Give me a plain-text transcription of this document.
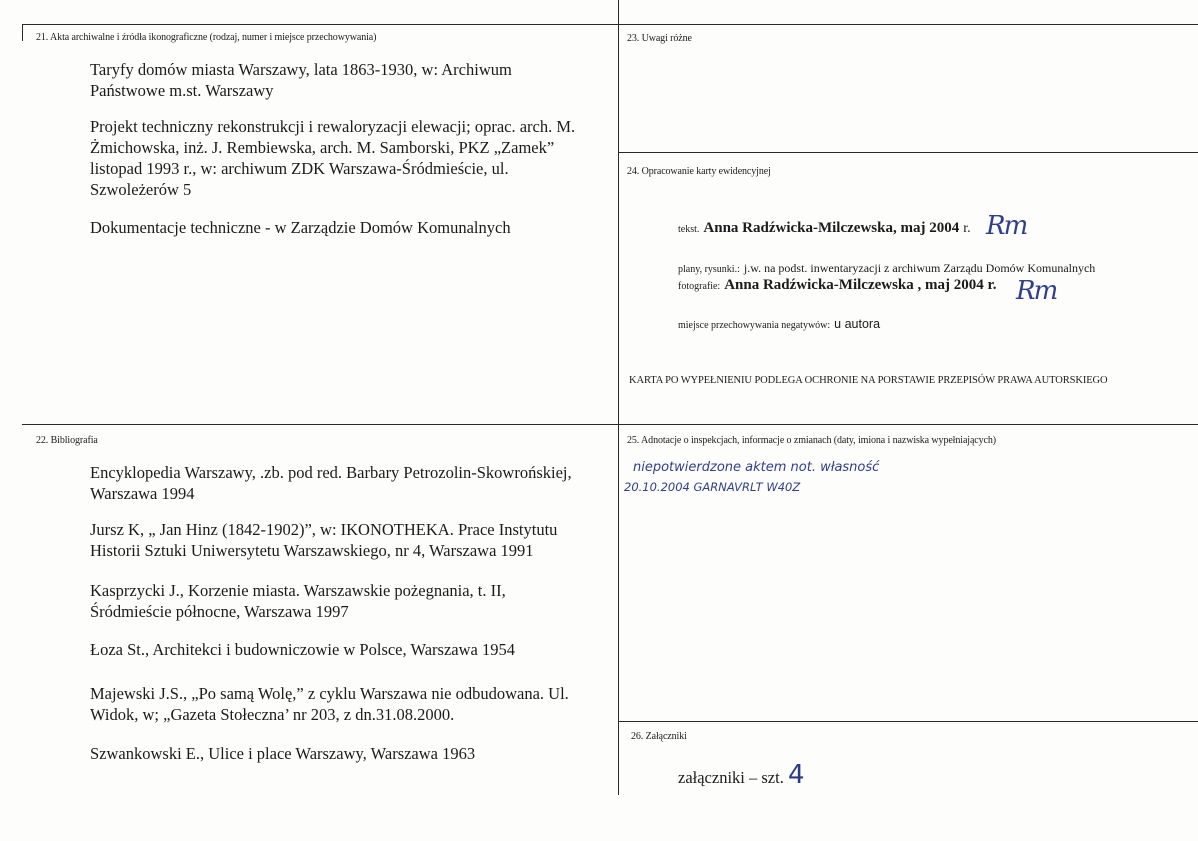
21. Akta archiwalne i źródła ikonograficzne (rodzaj, numer i miejsce przechowywania)
Taryfy domów miasta Warszawy, lata 1863-1930, w: Archiwum
Państwowe m.st. Warszawy
Projekt techniczny rekonstrukcji i rewaloryzacji elewacji; oprac. arch. M.
Żmichowska, inż. J. Rembiewska, arch. M. Samborski, PKZ „Zamek”
listopad 1993 r., w: archiwum ZDK Warszawa-Śródmieście, ul.
Szwoleżerów 5
Dokumentacje techniczne - w Zarządzie Domów Komunalnych
22. Bibliografia
Encyklopedia Warszawy, .zb. pod red. Barbary Petrozolin-Skowrońskiej,
Warszawa 1994
Jursz K, „ Jan Hinz (1842-1902)”, w: IKONOTHEKA. Prace Instytutu
Historii Sztuki Uniwersytetu Warszawskiego, nr 4, Warszawa 1991
Kasprzycki J., Korzenie miasta. Warszawskie pożegnania, t. II,
Śródmieście północne, Warszawa 1997
Łoza St., Architekci i budowniczowie w Polsce, Warszawa 1954
Majewski J.S., „Po samą Wolę,” z cyklu Warszawa nie odbudowana. Ul.
Widok, w; „Gazeta Stołeczna’ nr 203, z dn.31.08.2000.
Szwankowski E., Ulice i place Warszawy, Warszawa 1963
23. Uwagi różne
24. Opracowanie karty ewidencyjnej
tekst. Anna Radźwicka-Milczewska, maj 2004 r. Rm
plany, rysunki.: j.w. na podst. inwentaryzacji z archiwum Zarządu Domów Komunalnych
fotografie: Anna Radźwicka-Milczewska , maj 2004 r. Rm
miejsce przechowywania negatywów: u autora
KARTA PO WYPEŁNIENIU PODLEGA OCHRONIE NA PORSTAWIE PRZEPISÓW PRAWA AUTORSKIEGO
25. Adnotacje o inspekcjach, informacje o zmianach (daty, imiona i nazwiska wypełniających)
niepotwierdzone aktem not. własność
20.10.2004 GARNAVRLT W40Z
26. Załączniki
załączniki – szt. 4
